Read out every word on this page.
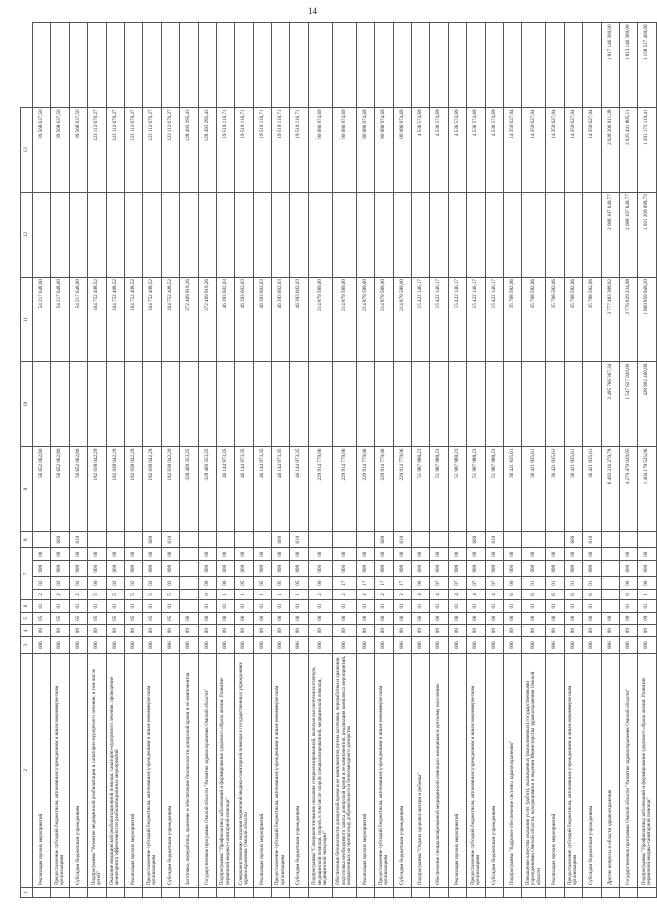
14
1	2	3	4	5	6	7				8	9	10	11	12	13	
	Реализация прочих мероприятий	006	09	05	01	2	02	999	00		56 652 062,80		54 217 648,00		39 568 637,50	
	Предоставление субсидий бюджетным, автономным учреждениям и иным некоммерческим организациям	006	09	05	01	2	02	999	00	600	56 652 062,80		54 217 648,00		39 568 637,50	
	Субсидии бюджетным учреждениям	006	09	05	01	2	02	999	00	610	56 652 062,80		54 217 648,00		39 568 637,50	
	Подпрограмма "Развитие медицинской реабилитации и санаторно-курортного лечения, в том числе детей"	006	09	05	01	5	00	000	00		182 038 042,29		164 752 408,52		123 112 670,27	
	Оказание медицинской реабилитационной помощи, санаторно-курортного лечения, проведение мониторинга эффективности реабилитационных мероприятий	006	09	05	01	5	02	000	00		182 038 042,29		164 752 408,52		123 112 670,27	
	Реализация прочих мероприятий	006	09	05	01	5	02	999	00		182 038 042,29		164 752 408,52		123 112 670,27	
	Предоставление субсидий бюджетным, автономным учреждениям и иным некоммерческим организациям	006	09	05	01	5	02	999	00	600	182 038 042,29		164 752 408,52		123 112 670,27	
	Субсидии бюджетным учреждениям	006	09	05	01	5	02	999	00	610	182 038 042,29		164 752 408,52		123 112 670,27	
	Заготовка, переработка, хранение и обеспечение безопасности донорской крови и ее компонентов	006	09	06							328 469 353,25		372 469 919,26		128 493 295,43	
	Государственная программа Омской области "Развитие здравоохранения Омской области"	006	09	06	01	0	00	000	00		328 469 353,25		372 469 919,26		128 493 295,43	
	Подпрограмма "Профилактика заболеваний и формирование здорового образа жизни. Развитие первичной медико-санитарной помощи"	006	09	06	01	1	00	000	00		46 144 973,35		46 393 602,03		19 519 116,71	
	Совершенствование оказания первичной медико-санитарной помощи в государственных учреждениях здравоохранения Омской области	006	09	06	01	1	05	000	00		46 144 973,35		46 393 602,03		19 519 116,71	
	Реализация прочих мероприятий	006	09	06	01	1	05	999	00		46 144 973,35		46 393 602,03		19 519 116,71	
	Предоставление субсидий бюджетным, автономным учреждениям и иным некоммерческим организациям	006	09	06	01	1	05	999	00	600	46 144 973,35		46 393 602,03		19 519 116,71	
	Субсидии бюджетным учреждениям	006	09	06	01	1	05	999	00	610	46 144 973,35		46 393 602,03		19 519 116,71	
	Подпрограмма "Совершенствование оказания специализированной, включая высокотехнологичную, медицинской помощи, скорой, в том числе скорой специализированной, медицинской помощи, медицинской эвакуации"	006	09	06	01	2	00	000	00		229 914 779,06		214 879 589,00		90 086 974,69	
	Обеспечение безопасности донорской крови и ее компонентов путем заготовки, переработки и хранения, подготовка необходимого запаса донорской крови и ее компонентов, реализация комплекса мероприятий, направленных на пропаганду добровольного и безвозмездного донорства	006	09	06	01	2	17	000	00		229 914 779,06		214 879 589,00		90 086 974,69	
	Реализация прочих мероприятий	006	09	06	01	2	17	999	00		229 914 779,06		214 879 589,00		90 086 974,69	
	Предоставление субсидий бюджетным, автономным учреждениям и иным некоммерческим организациям	006	09	06	01	2	17	999	00	600	229 914 779,06		214 879 589,00		90 086 974,69	
	Субсидии бюджетным учреждениям	006	09	06	01	2	17	999	00	610	229 914 779,06		214 879 589,00		90 086 974,69	
	Подпрограмма "Охрана здоровья матери и ребенка"	006	09	06	01	4	00	000	00		51 987 988,23		15 422 146,17		4 536 574,69	
	Обеспечение специализированной медицинской помощью женщинам и детскому населению	006	09	06	01	4	07	000	00		51 987 988,23		15 422 146,17		4 536 574,69	
	Реализация прочих мероприятий	006	09	06	01	4	07	999	00		51 987 988,23		15 422 146,17		4 536 574,69	
	Предоставление субсидий бюджетным, автономным учреждениям и иным некоммерческим организациям	006	09	06	01	4	07	999	00	600	51 987 988,23		15 422 146,17		4 536 574,69	
	Субсидии бюджетным учреждениям	006	09	06	01	4	07	999	00	610	51 987 988,23		15 422 146,17		4 536 574,69	
	Подпрограмма "Кадровое обеспечение системы здравоохранения"	006	09	06	01	6	00	000	00		36 421 835,61		35 768 582,06		14 350 627,04	
	Повышение качества оказания услуг (работ), оказываемых (выполняемых) государственными учреждениями Омской области, находящимися в ведении Министерства здравоохранения Омской области	006	09	06	01	6	01	000	00		36 421 835,61		35 768 582,06		14 350 627,04	
	Реализация прочих мероприятий	006	09	06	01	6	01	999	00		36 421 835,61		35 768 582,06		14 350 627,04	
	Предоставление субсидий бюджетным, автономным учреждениям и иным некоммерческим организациям	006	09	06	01	6	01	999	00	600	36 421 835,61		35 768 582,06		14 350 627,04	
	Субсидии бюджетным учреждениям	006	09	06	01	6	01	999	00	610	36 421 835,61		35 768 582,06		14 350 627,04	
	Другие вопросы в области здравоохранения	006	09	09							6 493 216 270,78	2 495 766 367,34	3 777 483 388,92	2 068 107 649,77	2 028 206 911,28	1 817 146 300,00
	Государственная программа Омской области "Развитие здравоохранения Омской области"	006	09	09	01	0	00	000	00		4 270 470 020,95	1 547 627 020,00	3 776 829 234,08	2 068 107 649,77	2 025 441 805,11	1 813 146 300,00
	Подпрограмма "Профилактика заболеваний и формирование здорового образа жизни. Развитие первичной медико-санитарной помощи"	006	09	09	01	1	00	000	00		1 404 178 525,06	428 802 400,00	1 860 859 948,29	1 931 209 099,73	1 201 173 119,41	1 158 517 400,00
